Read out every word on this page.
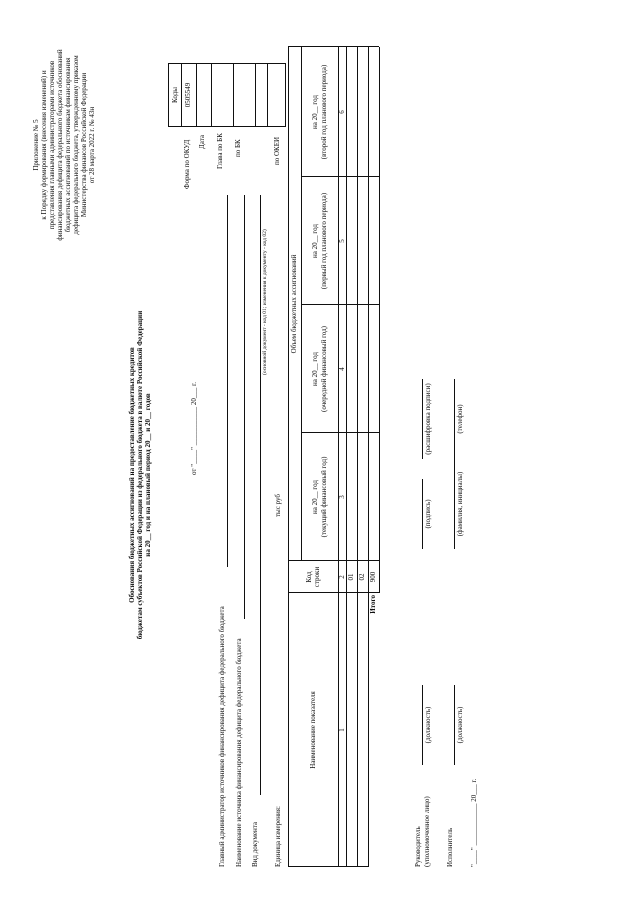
Приложение № 5 к Порядку формирования (внесения изменений) и представления главными администраторами источников финансирования дефицита федерального бюджета обоснований бюджетных ассигнований по источникам финансирования дефицита федерального бюджета, утвержденному приказом Министерства финансов Российской Федерации от 28 марта 2022 г. № 43н
Обоснования бюджетных ассигнований на предоставление бюджетных кредитов бюджетам субъектов Российской Федерации из федерального бюджета в валюте Российской Федерации на 20__ год и на плановый период 20__ и 20__ годов	от "____" ___________ 20___ г.
Коды 0505549
Форма по ОКУД Дата Глава по БК по БК	по ОКЕИ
Главный администратор источников финансирования дефицита федерального бюджета Наименование источника финансирования дефицита федерального бюджета Вид документа
(основной документ - код 01; изменения к документу - код 02)
Единица измерения:
тыс руб
Наименование показателя
Код строки
Объем бюджетных ассигнований
на 20__ год
(текущий финансовый год)
на 20__ год
(очередной финансовый год)
на 20__ год
(первый год планового периода)
на 20__ год
(второй год планового периода)
1
2
3
4
5
6
01 02
Итого
900
Руководитель (уполномоченное лицо)
(должность)
(подпись)
(расшифровка подписи)
Исполнитель
(должность)
(фамилия, инициалы)
(телефон)
"____" ____________ 20___ г.
